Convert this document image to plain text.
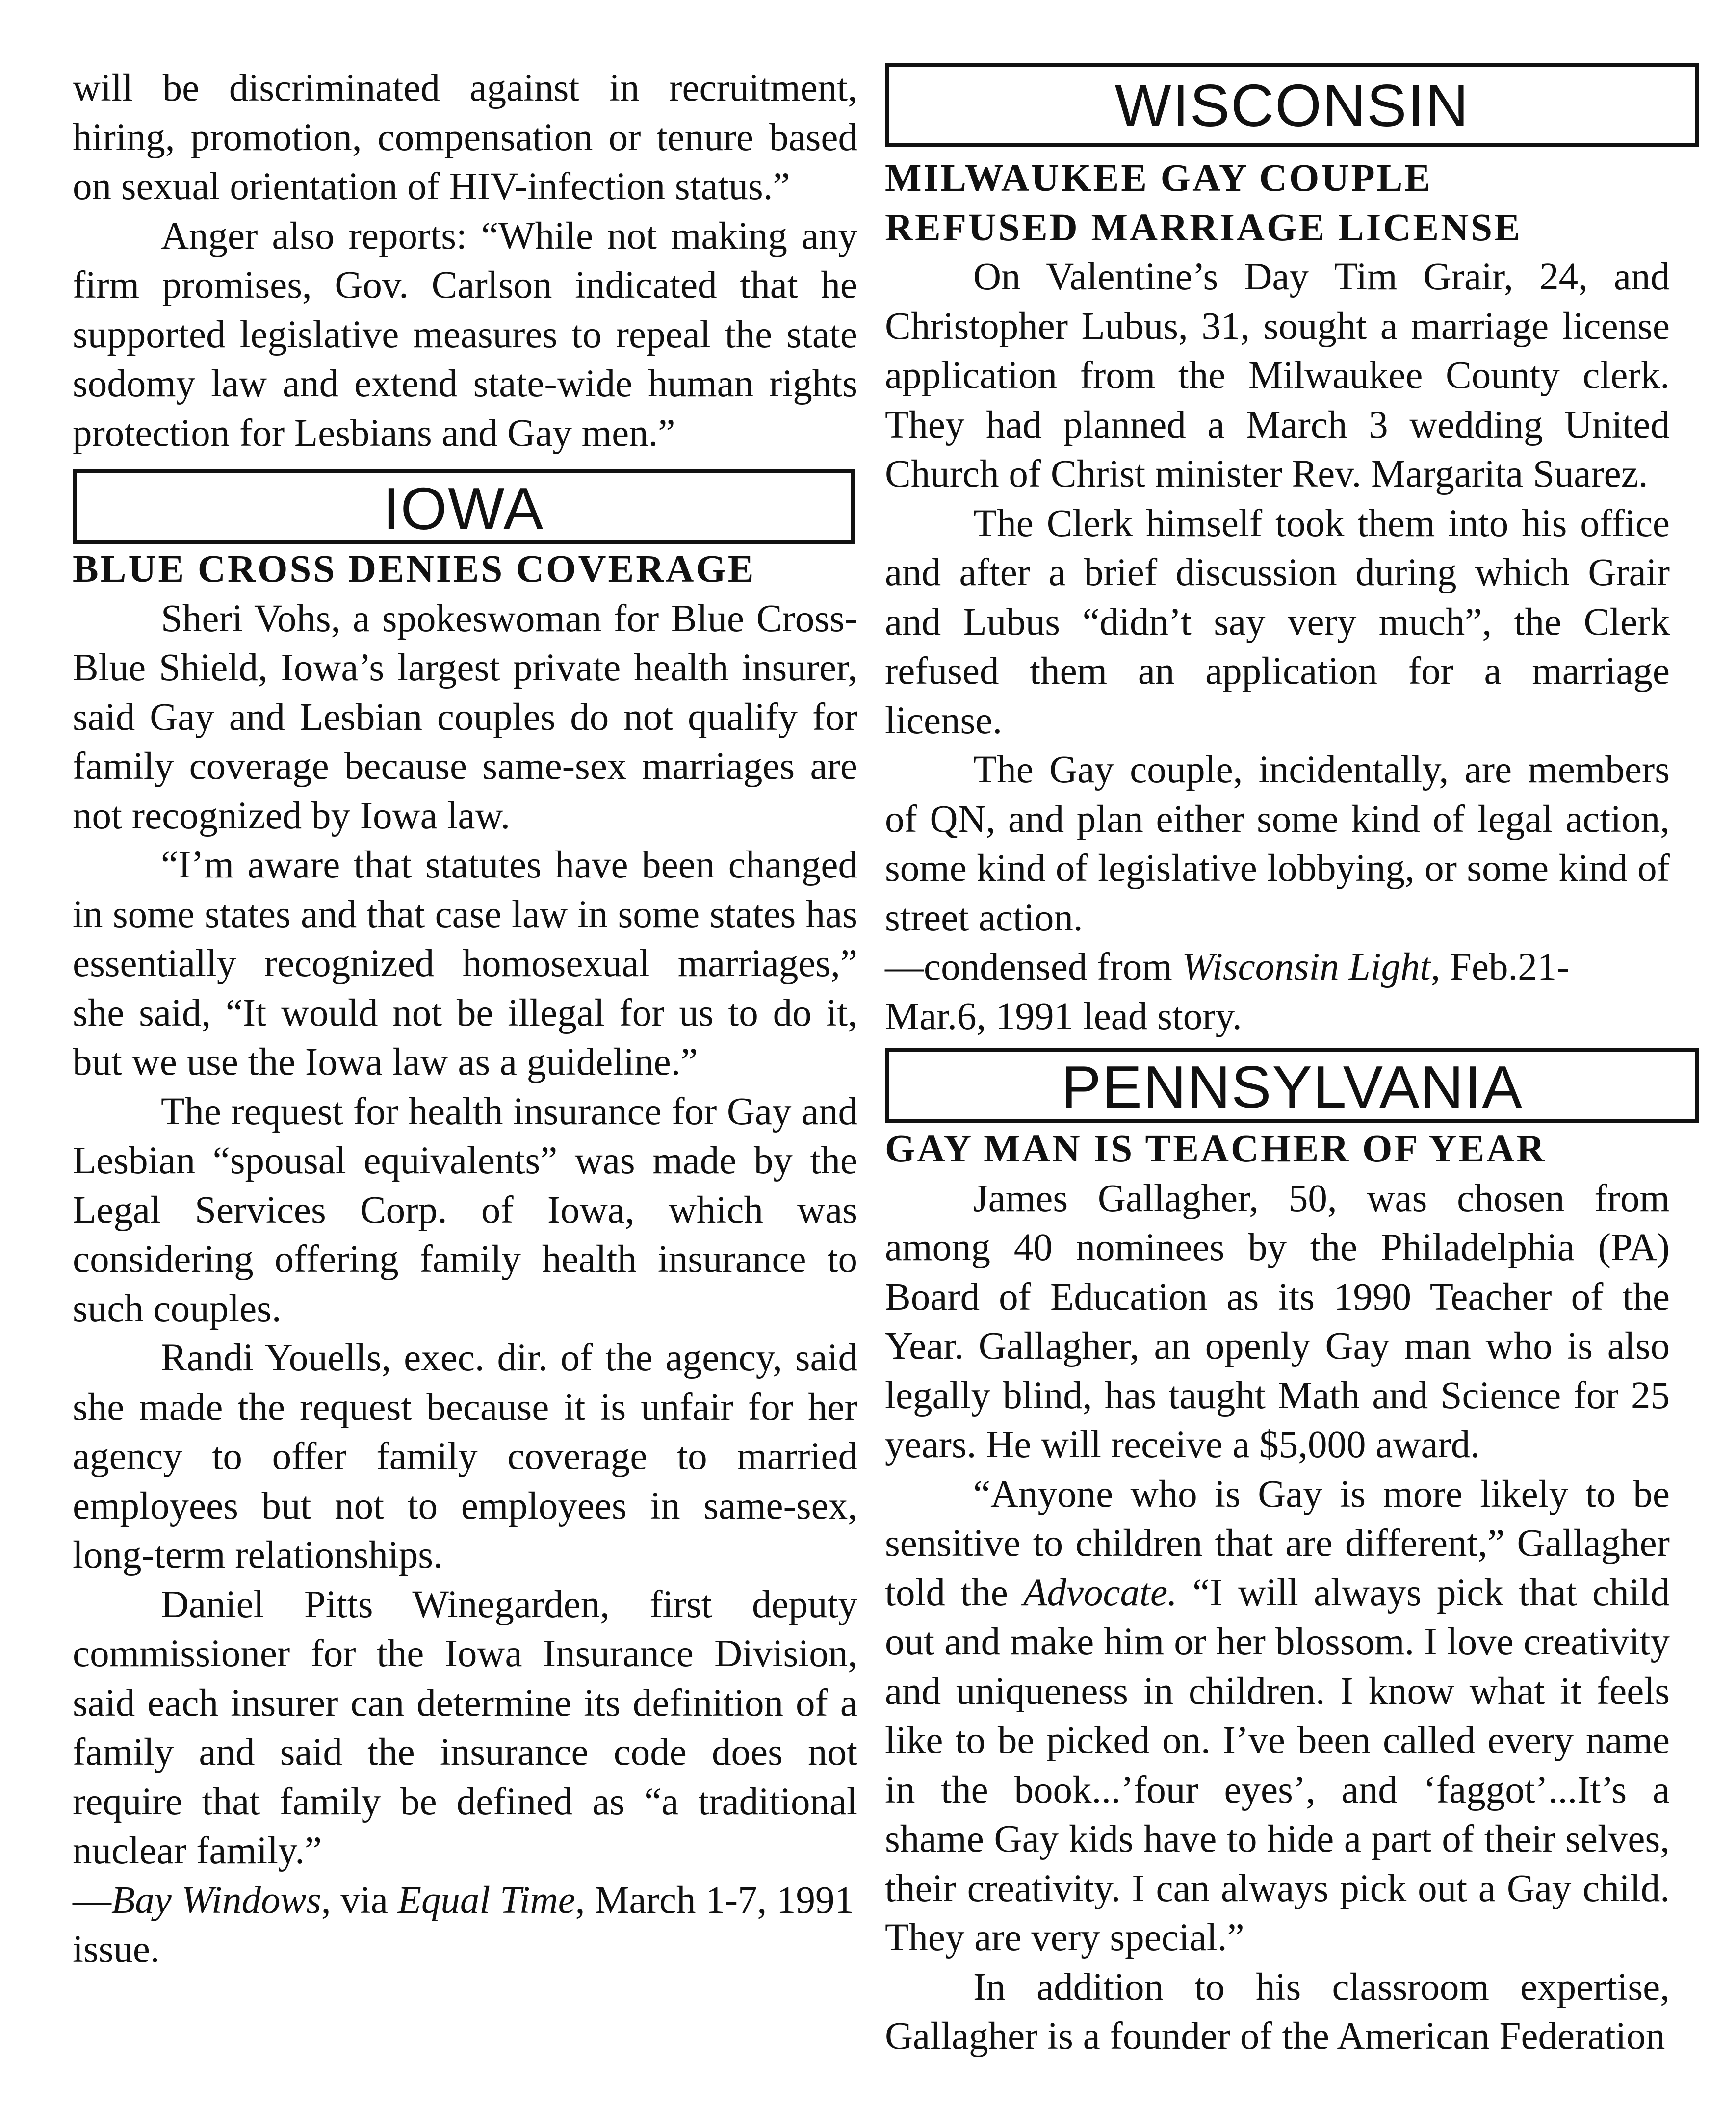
will be discriminated against in recruitment, hiring, promotion, compensation or tenure based on sexual orientation of HIV-infection status.”

Anger also reports: “While not making any firm promises, Gov. Carlson indicated that he supported legislative measures to repeal the state sodomy law and extend state-wide human rights protection for Lesbians and Gay men.”

IOWA

BLUE CROSS DENIES COVERAGE

Sheri Vohs, a spokeswoman for Blue Cross-Blue Shield, Iowa’s largest private health insurer, said Gay and Lesbian couples do not qualify for family coverage because same-sex marriages are not recognized by Iowa law.

“I’m aware that statutes have been changed in some states and that case law in some states has essentially recognized homosexual marriages,” she said, “It would not be illegal for us to do it, but we use the Iowa law as a guideline.”

The request for health insurance for Gay and Lesbian “spousal equivalents” was made by the Legal Services Corp. of Iowa, which was considering offering family health insurance to such couples.

Randi Youells, exec. dir. of the agency, said she made the request because it is unfair for her agency to offer family coverage to married employees but not to employees in same-sex, long-term relationships.

Daniel Pitts Winegarden, first deputy commissioner for the Iowa Insurance Division, said each insurer can determine its definition of a family and said the insurance code does not require that family be defined as “a traditional nuclear family.”

—Bay Windows, via Equal Time, March 1-7, 1991 issue.

WISCONSIN

MILWAUKEE GAY COUPLE

REFUSED MARRIAGE LICENSE

On Valentine’s Day Tim Grair, 24, and Christopher Lubus, 31, sought a marriage license application from the Milwaukee County clerk. They had planned a March 3 wedding United Church of Christ minister Rev. Margarita Suarez.

The Clerk himself took them into his office and after a brief discussion during which Grair and Lubus “didn’t say very much”, the Clerk refused them an application for a marriage license.

The Gay couple, incidentally, are members of QN, and plan either some kind of legal action, some kind of legislative lobbying, or some kind of street action.

—condensed from Wisconsin Light, Feb.21-Mar.6, 1991 lead story.

PENNSYLVANIA

GAY MAN IS TEACHER OF YEAR

James Gallagher, 50, was chosen from among 40 nominees by the Philadelphia (PA) Board of Education as its 1990 Teacher of the Year. Gallagher, an openly Gay man who is also legally blind, has taught Math and Science for 25 years. He will receive a $5,000 award.

“Anyone who is Gay is more likely to be sensitive to children that are different,” Gallagher told the Advocate. “I will always pick that child out and make him or her blossom. I love creativity and uniqueness in children. I know what it feels like to be picked on. I’ve been called every name in the book...’four eyes’, and ‘faggot’...It’s a shame Gay kids have to hide a part of their selves, their creativity. I can always pick out a Gay child. They are very special.”

In addition to his classroom expertise, Gallagher is a founder of the American Federation
